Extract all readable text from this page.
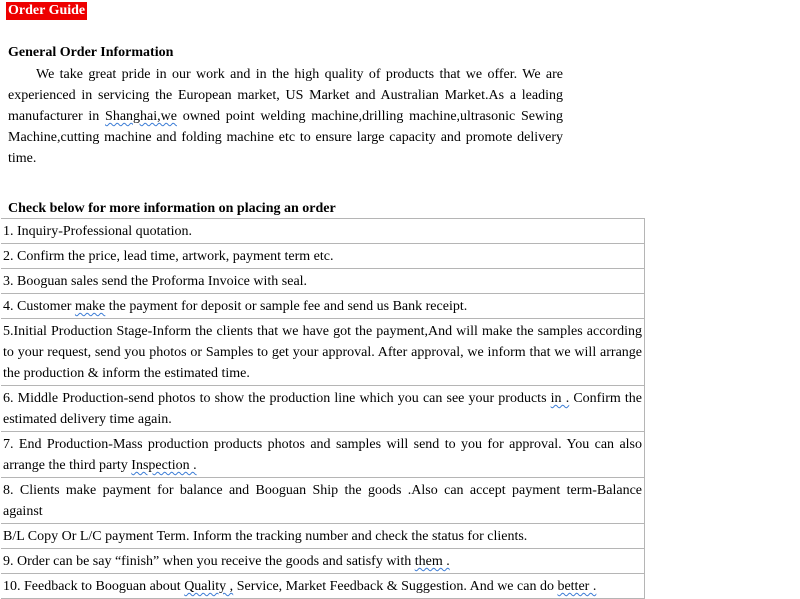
Order Guide
General Order Information

We take great pride in our work and in the high quality of products that we offer. We are experienced in servicing the European market, US Market and Australian Market.As a leading manufacturer in Shanghai,we owned point welding machine,drilling machine,ultrasonic Sewing Machine,cutting machine and folding machine etc to ensure large capacity and promote delivery time.

Check below for more information on placing an order
1. Inquiry-Professional quotation.
2. Confirm the price, lead time, artwork, payment term etc.
3. Booguan sales send the Proforma Invoice with seal.
4. Customer make the payment for deposit or sample fee and send us Bank receipt.
5.Initial Production Stage-Inform the clients that we have got the payment,And will make the samples according to your request, send you photos or Samples to get your approval. After approval, we inform that we will arrange the production & inform the estimated time.
6. Middle Production-send photos to show the production line which you can see your products in . Confirm the estimated delivery time again.
7. End Production-Mass production products photos and samples will send to you for approval. You can also arrange the third party Inspection .
8. Clients make payment for balance and Booguan Ship the goods .Also can accept payment term-Balance against
B/L Copy Or L/C payment Term. Inform the tracking number and check the status for clients.
9. Order can be say “finish” when you receive the goods and satisfy with them .
10. Feedback to Booguan about Quality , Service, Market Feedback & Suggestion. And we can do better .
